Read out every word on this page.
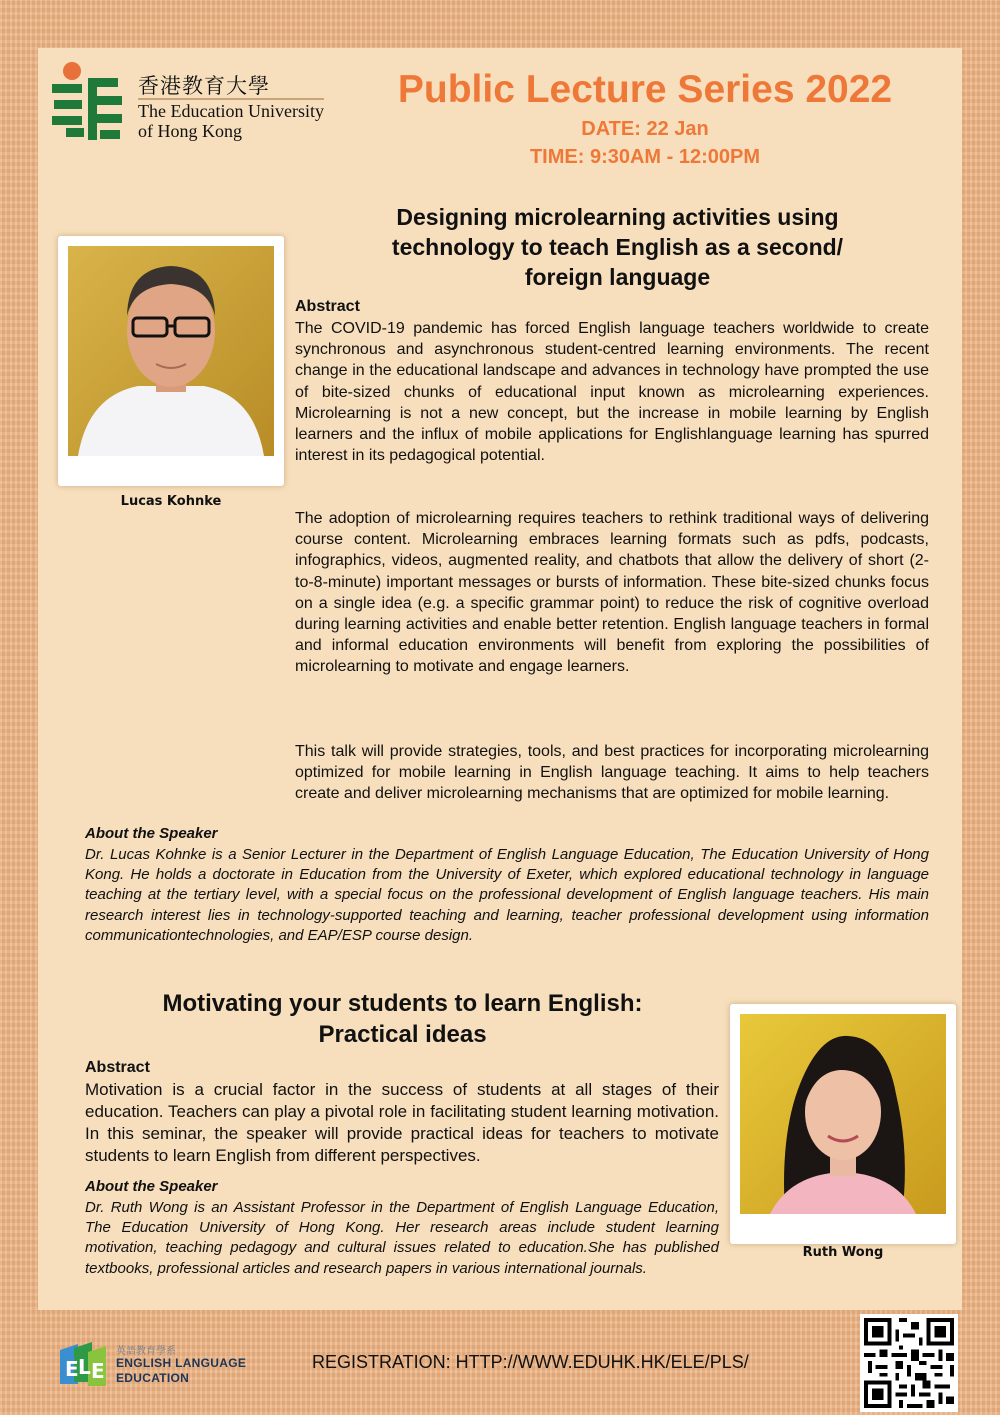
香港教育大學
The Education University
of Hong Kong
Public Lecture Series 2022
DATE: 22 Jan
TIME: 9:30AM - 12:00PM
Designing microlearning activities using
technology to teach English as a second/
foreign language
Lucas Kohnke
Abstract

The COVID-19 pandemic has forced English language teachers worldwide to create synchronous and asynchronous student-centred learning environments. The recent change in the educational landscape and advances in technology have prompted the use of bite-sized chunks of educational input known as microlearning experiences. Microlearning is not a new concept, but the increase in mobile learning by English learners and the influx of mobile applications for Englishlanguage learning has spurred interest in its pedagogical potential.

The adoption of microlearning requires teachers to rethink traditional ways of delivering course content. Microlearning embraces learning formats such as pdfs, podcasts, infographics, videos, augmented reality, and chatbots that allow the delivery of short (2-to-8-minute) important messages or bursts of information. These bite-sized chunks focus on a single idea (e.g. a specific grammar point) to reduce the risk of cognitive overload during learning activities and enable better retention. English language teachers in formal and informal education environments will benefit from exploring the possibilities of microlearning to motivate and engage learners.

This talk will provide strategies, tools, and best practices for incorporating microlearning optimized for mobile learning in English language teaching. It aims to help teachers create and deliver microlearning mechanisms that are optimized for mobile learning.

About the Speaker

Dr. Lucas Kohnke is a Senior Lecturer in the Department of English Language Education, The Education University of Hong Kong. He holds a doctorate in Education from the University of Exeter, which explored educational technology in language teaching at the tertiary level, with a special focus on the professional development of English language teachers. His main research interest lies in technology-supported teaching and learning, teacher professional development using information communicationtechnologies, and EAP/ESP course design.

Motivating your students to learn English:
Practical ideas
Abstract

Motivation is a crucial factor in the success of students at all stages of their education. Teachers can play a pivotal role in facilitating student learning motivation. In this seminar, the speaker will provide practical ideas for teachers to motivate students to learn English from different perspectives.

About the Speaker

Dr. Ruth Wong is an Assistant Professor in the Department of English Language Education, The Education University of Hong Kong. Her research areas include student learning motivation, teaching pedagogy and cultural issues related to education.She has published textbooks, professional articles and research papers in various international journals.

Ruth Wong
E L E
英語教育學系
ENGLISH LANGUAGE
EDUCATION
REGISTRATION: HTTP://WWW.EDUHK.HK/ELE/PLS/
